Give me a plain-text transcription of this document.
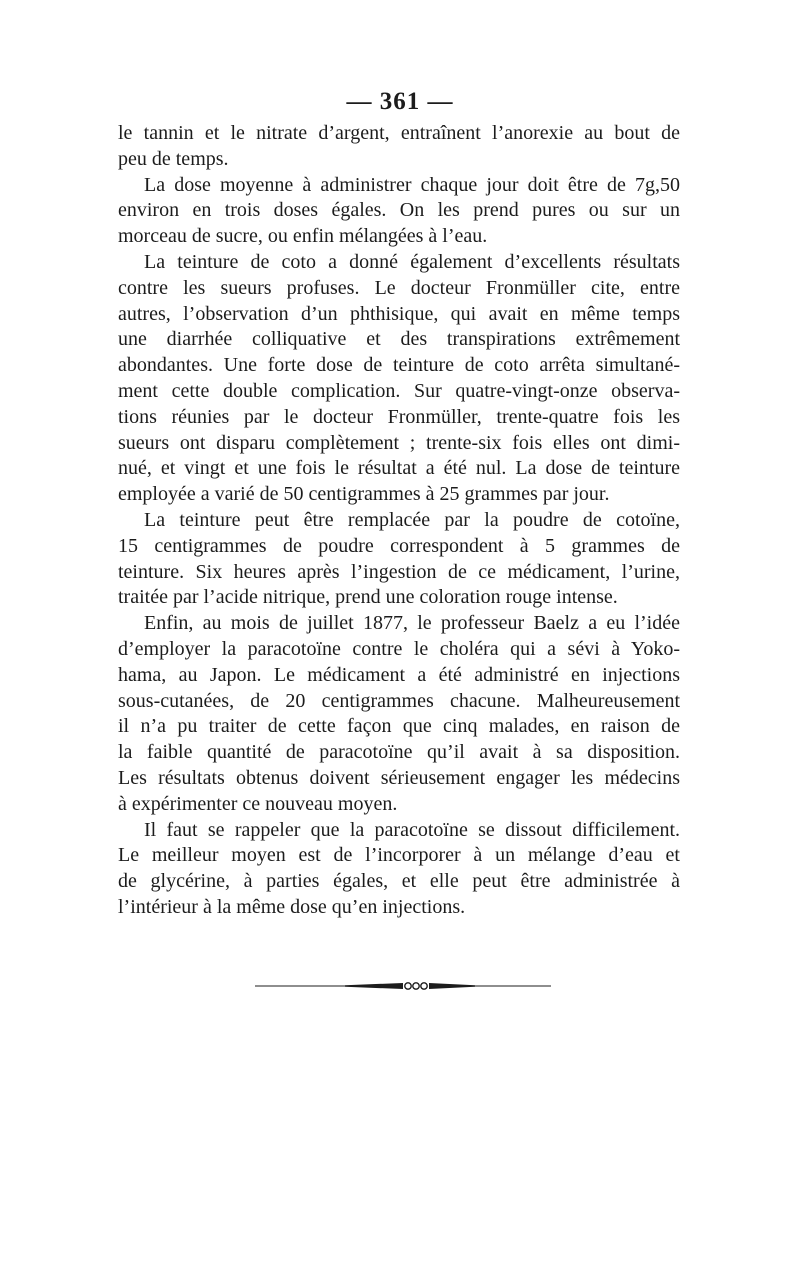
— 361 —
le tannin et le nitrate d’argent, entraînent l’anorexie au bout de
peu de temps.
La dose moyenne à administrer chaque jour doit être de 7g,50
environ en trois doses égales. On les prend pures ou sur un
morceau de sucre, ou enfin mélangées à l’eau.
La teinture de coto a donné également d’excellents résultats
contre les sueurs profuses. Le docteur Fronmüller cite, entre
autres, l’observation d’un phthisique, qui avait en même temps
une diarrhée colliquative et des transpirations extrêmement
abondantes. Une forte dose de teinture de coto arrêta simultané-
ment cette double complication. Sur quatre-vingt-onze observa-
tions réunies par le docteur Fronmüller, trente-quatre fois les
sueurs ont disparu complètement ; trente-six fois elles ont dimi-
nué, et vingt et une fois le résultat a été nul. La dose de teinture
employée a varié de 50 centigrammes à 25 grammes par jour.
La teinture peut être remplacée par la poudre de cotoïne,
15 centigrammes de poudre correspondent à 5 grammes de
teinture. Six heures après l’ingestion de ce médicament, l’urine,
traitée par l’acide nitrique, prend une coloration rouge intense.
Enfin, au mois de juillet 1877, le professeur Baelz a eu l’idée
d’employer la paracotoïne contre le choléra qui a sévi à Yoko-
hama, au Japon. Le médicament a été administré en injections
sous-cutanées, de 20 centigrammes chacune. Malheureusement
il n’a pu traiter de cette façon que cinq malades, en raison de
la faible quantité de paracotoïne qu’il avait à sa disposition.
Les résultats obtenus doivent sérieusement engager les médecins
à expérimenter ce nouveau moyen.
Il faut se rappeler que la paracotoïne se dissout difficilement.
Le meilleur moyen est de l’incorporer à un mélange d’eau et
de glycérine, à parties égales, et elle peut être administrée à
l’intérieur à la même dose qu’en injections.
